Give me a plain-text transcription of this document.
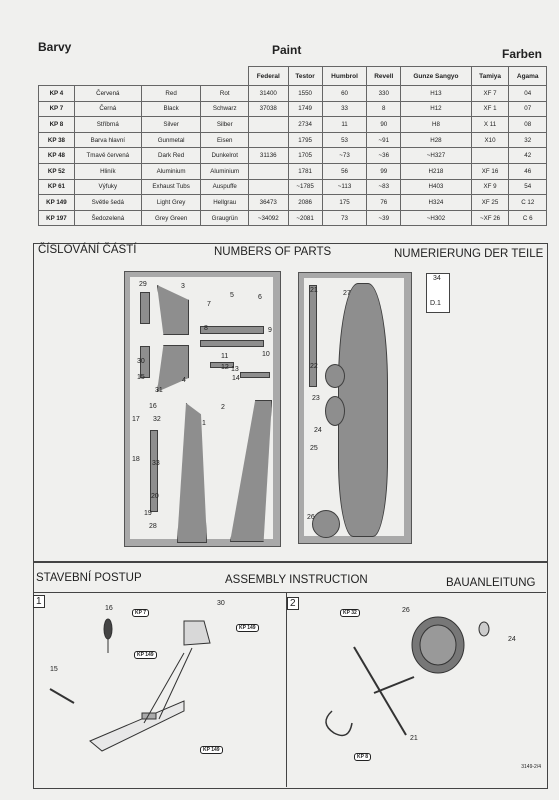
Barvy	Paint	Farben
				Federal	Testor	Humbrol	Revell	Gunze Sangyo	Tamiya	Agama
KP 4	Červená	Red	Rot	31400	1550	60	330	H13	XF 7	04
KP 7	Černá	Black	Schwarz	37038	1749	33	8	H12	XF 1	07
KP 8	Stříbrná	Silver	Silber		2734	11	90	H8	X 11	08
KP 38	Barva hlavní	Gunmetal	Eisen		1795	53	~91	H28	X10	32
KP 48	Tmavě červená	Dark Red	Dunkelrot	31136	1705	~73	~36	~H327		42
KP 52	Hliník	Aluminium	Aluminium		1781	56	99	H218	XF 16	46
KP 61	Výfuky	Exhaust Tubs	Auspuffe		~1785	~113	~83	H403	XF 9	54
KP 149	Světle šedá	Light Grey	Hellgrau	36473	2086	175	76	H324	XF 25	C 12
KP 197	Šedozelená	Grey Green	Graugrün	~34092	~2081	73	~39	~H302	~XF 26	C 6
ČÍSLOVÁNÍ ČÁSTÍ	NUMBERS OF PARTS	NUMERIERUNG DER TEILE
1
2
3
4
5	6
7
8	9
10
11
12 13
14
15
16
17
18
19
20
21
22
23
24
25
26
27
28
29
30
31
32
33
34
D.1
STAVEBNÍ POSTUP	ASSEMBLY INSTRUCTION	BAUANLEITUNG
1	2
16
30
15
KP 7
KP 149
KP 149
KP 149
26
24
21
KP 32
KP 8
3149-2/4
